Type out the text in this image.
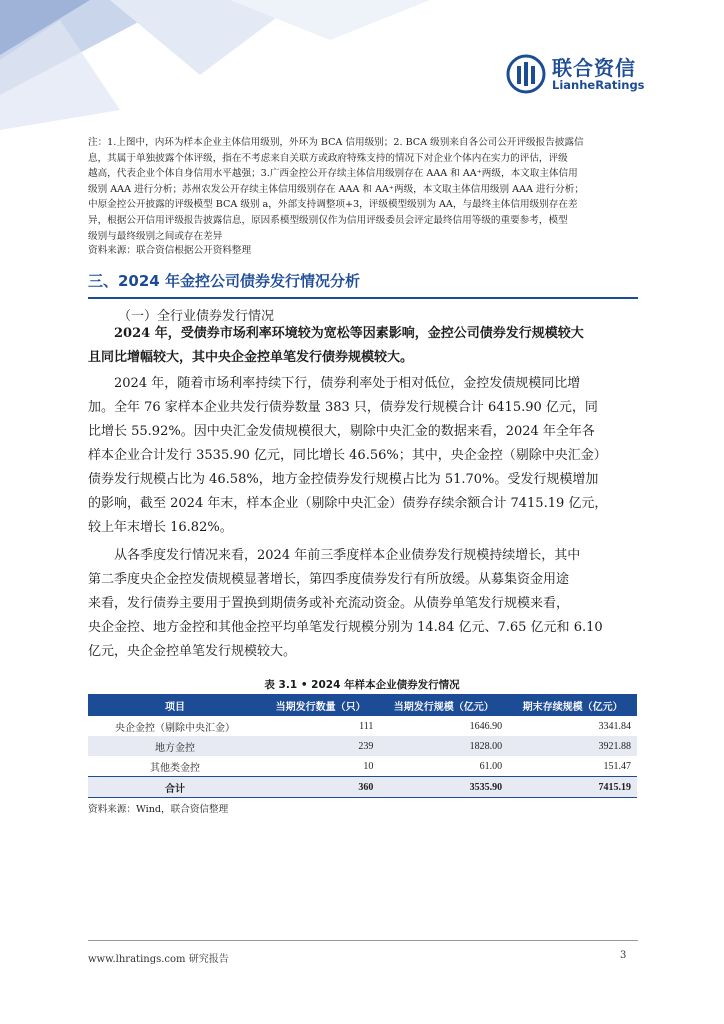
联合资信
LianheRatings
注：1.上图中，内环为样本企业主体信用级别，外环为 BCA 信用级别；2. BCA 级别来自各公司公开评级报告披露信
息，其属于单独披露个体评级，指在不考虑来自关联方或政府特殊支持的情况下对企业个体内在实力的评估，评级
越高，代表企业个体自身信用水平越强；3.广西金控公开存续主体信用级别存在 AAA 和 AA⁺两级，本文取主体信用
级别 AAA 进行分析；苏州农发公开存续主体信用级别存在 AAA 和 AA⁺两级，本文取主体信用级别 AAA 进行分析；
中原金控公开披露的评级模型 BCA 级别 a，外部支持调整项+3，评级模型级别为 AA，与最终主体信用级别存在差
异，根据公开信用评级报告披露信息，原因系模型级别仅作为信用评级委员会评定最终信用等级的重要参考，模型
级别与最终级别之间或存在差异
资料来源：联合资信根据公开资料整理
三、2024 年金控公司债券发行情况分析
（一）全行业债券发行情况
2024 年，受债券市场利率环境较为宽松等因素影响，金控公司债券发行规模较大
且同比增幅较大，其中央企金控单笔发行债券规模较大。
2024 年，随着市场利率持续下行，债券利率处于相对低位，金控发债规模同比增
加。全年 76 家样本企业共发行债券数量 383 只，债券发行规模合计 6415.90 亿元，同
比增长 55.92%。因中央汇金发债规模很大，剔除中央汇金的数据来看，2024 年全年各
样本企业合计发行 3535.90 亿元，同比增长 46.56%；其中，央企金控（剔除中央汇金）
债券发行规模占比为 46.58%，地方金控债券发行规模占比为 51.70%。受发行规模增加
的影响，截至 2024 年末，样本企业（剔除中央汇金）债券存续余额合计 7415.19 亿元，
较上年末增长 16.82%。
从各季度发行情况来看，2024 年前三季度样本企业债券发行规模持续增长，其中
第二季度央企金控发债规模显著增长，第四季度债券发行有所放缓。从募集资金用途
来看，发行债券主要用于置换到期债务或补充流动资金。从债券单笔发行规模来看，
央企金控、地方金控和其他金控平均单笔发行规模分别为 14.84 亿元、7.65 亿元和 6.10
亿元，央企金控单笔发行规模较大。
表 3.1 • 2024 年样本企业债券发行情况
项目	当期发行数量（只）	当期发行规模（亿元）	期末存续规模（亿元）
央企金控（剔除中央汇金）	111	1646.90	3341.84
地方金控	239	1828.00	3921.88
其他类金控	10	61.00	151.47
合计	360	3535.90	7415.19
资料来源：Wind，联合资信整理
www.lhratings.com 研究报告	3
